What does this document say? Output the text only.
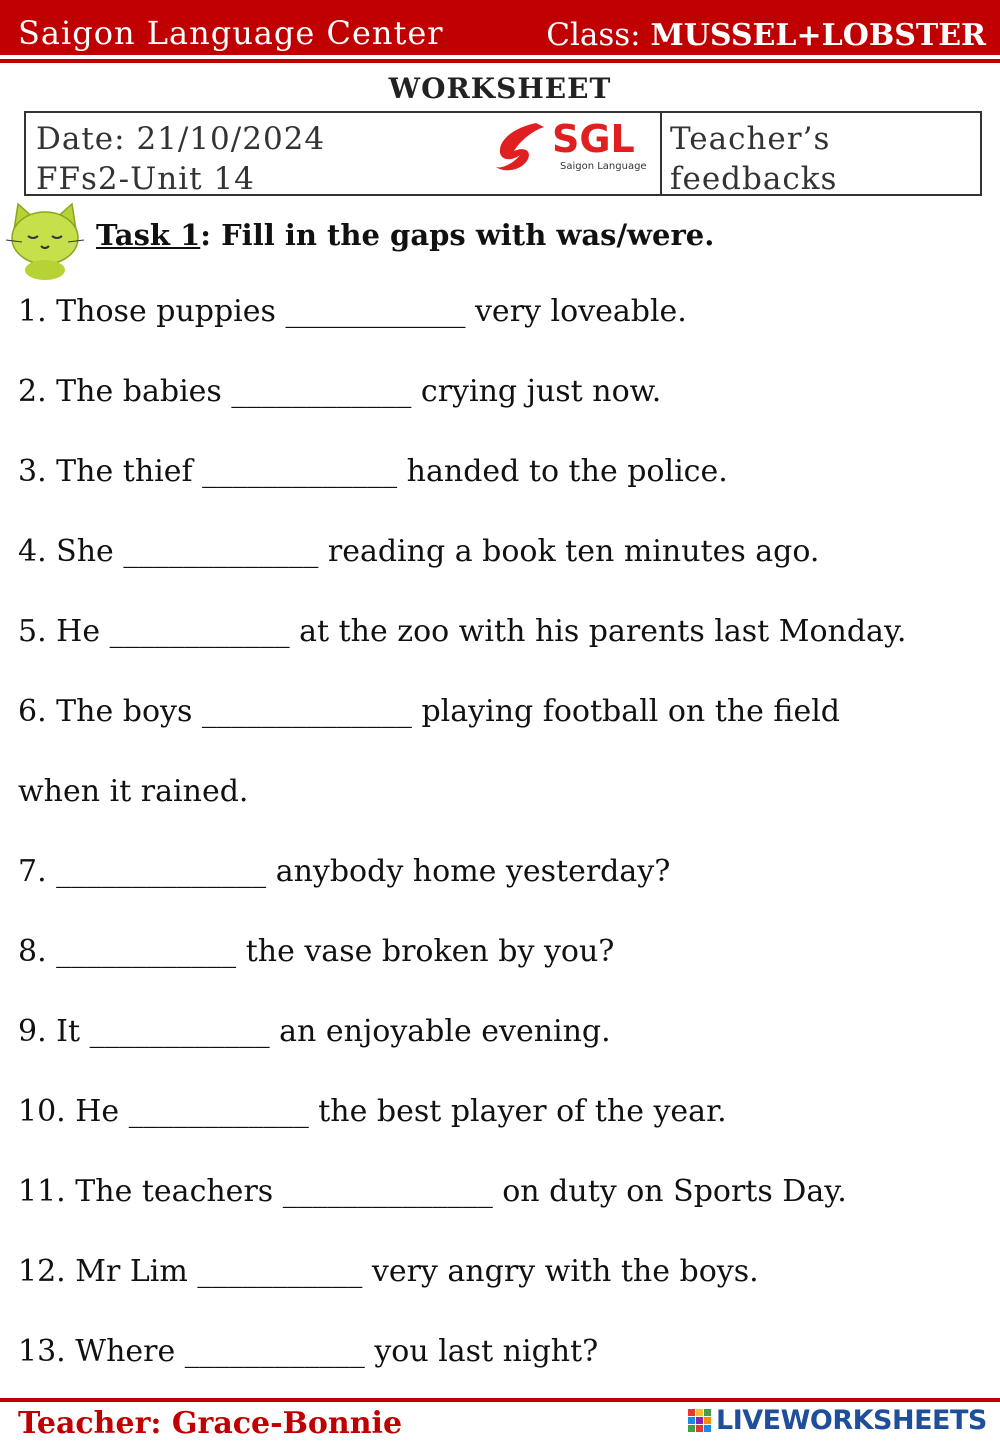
Saigon Language Center	Class: MUSSEL+LOBSTER
WORKSHEET
Date: 21/10/2024
FFs2-Unit 14
SGL
Saigon Language
Teacher’s
feedbacks
Task 1: Fill in the gaps with was/were.
1. Those puppies ____________ very loveable.
2. The babies ____________ crying just now.
3. The thief _____________ handed to the police.
4. She _____________ reading a book ten minutes ago.
5. He ____________ at the zoo with his parents last Monday.
6. The boys ______________ playing football on the field
when it rained.
7. ______________ anybody home yesterday?
8. ____________ the vase broken by you?
9. It ____________ an enjoyable evening.
10. He ____________ the best player of the year.
11. The teachers ______________ on duty on Sports Day.
12. Mr Lim ___________ very angry with the boys.
13. Where ____________ you last night?
Teacher: Grace-Bonnie	LIVEWORKSHEETS
